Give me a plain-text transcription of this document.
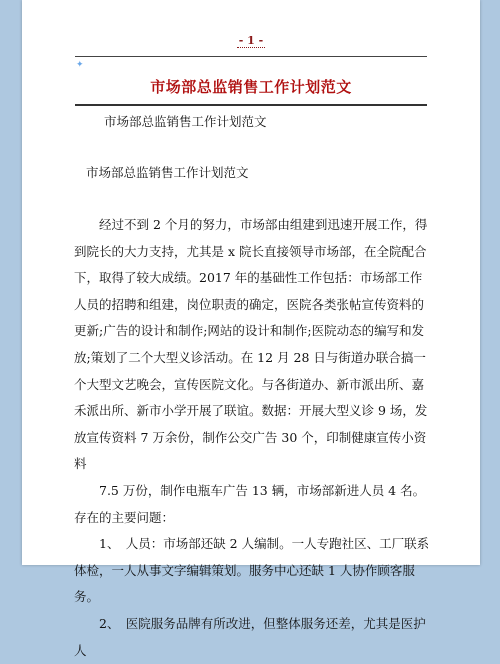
- 1 -
✦
市场部总监销售工作计划范文
市场部总监销售工作计划范文
市场部总监销售工作计划范文

经过不到 2 个月的努力，市场部由组建到迅速开展工作，得到院长的大力支持，尤其是 x 院长直接领导市场部，在全院配合下，取得了较大成绩。2017 年的基础性工作包括：市场部工作人员的招聘和组建，岗位职责的确定，医院各类张帖宣传资料的更新;广告的设计和制作;网站的设计和制作;医院动态的编写和发放;策划了二个大型义诊活动。在 12 月 28 日与街道办联合搞一个大型文艺晚会，宣传医院文化。与各街道办、新市派出所、嘉禾派出所、新市小学开展了联谊。数据：开展大型义诊 9 场，发放宣传资料 7 万余份，制作公交广告 30 个，印制健康宣传小资料

7.5 万份，制作电瓶车广告 13 辆，市场部新进人员 4 名。存在的主要问题：

1、　人员：市场部还缺 2 人编制。一人专跑社区、工厂联系体检，一人从事文字编辑策划。服务中心还缺 1 人协作顾客服务。

2、　医院服务品牌有所改进，但整体服务还差，尤其是医护人
